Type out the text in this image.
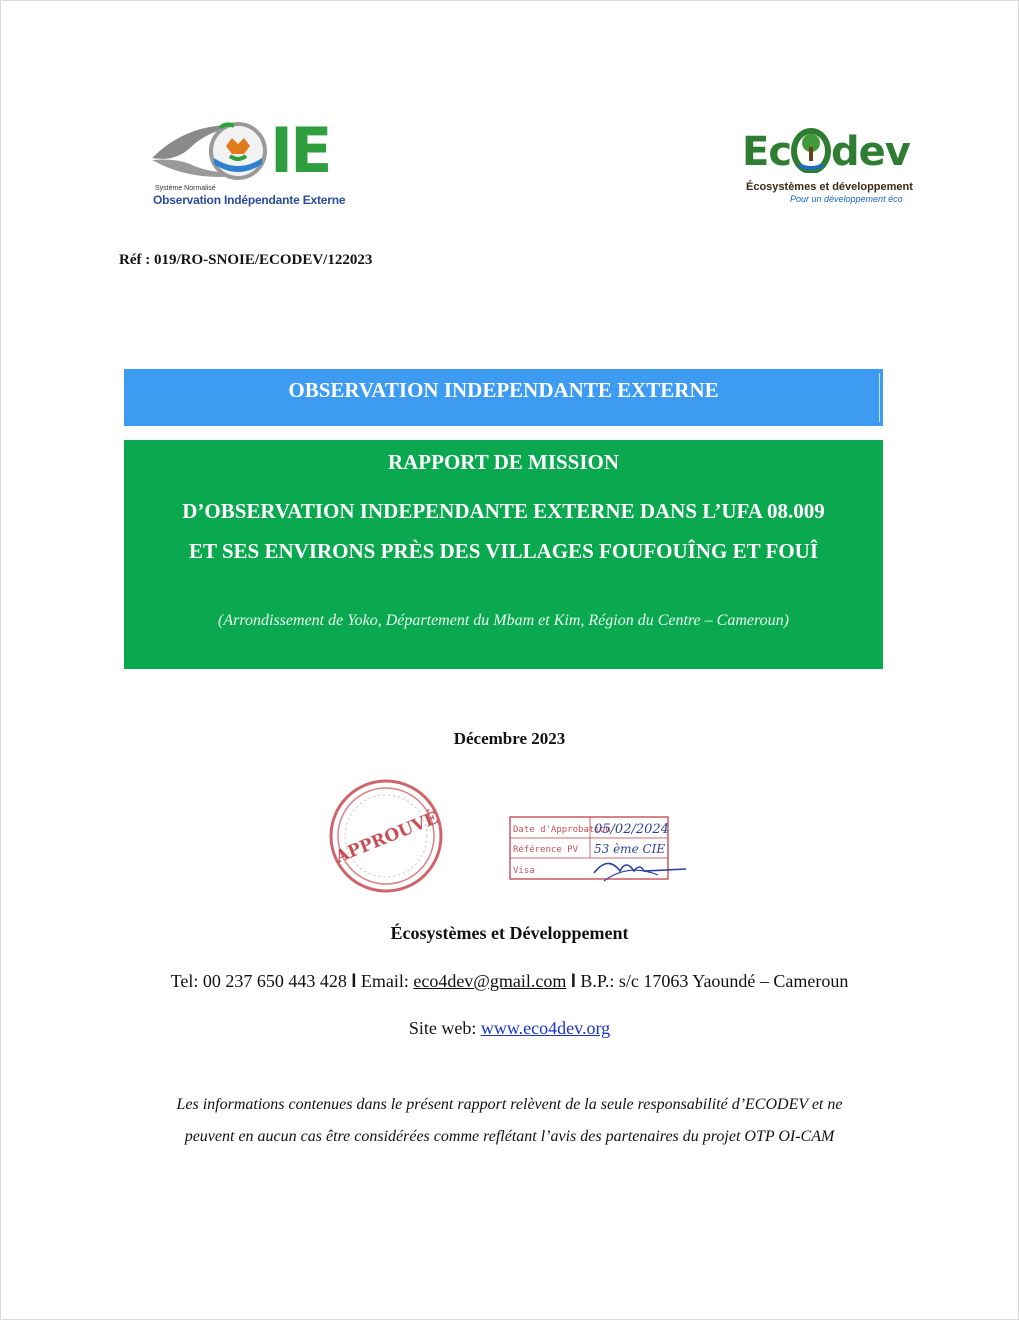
IE
Système Normalisé
Observation Indépendante Externe
Ec dev
Écosystèmes et développement
Pour un développement éco
Réf : 019/RO-SNOIE/ECODEV/122023
OBSERVATION INDEPENDANTE EXTERNE
RAPPORT DE MISSION
D’OBSERVATION INDEPENDANTE EXTERNE DANS L’UFA 08.009
ET SES ENVIRONS PRÈS DES VILLAGES FOUFOUÎNG ET FOUÎ
(Arrondissement de Yoko, Département du Mbam et Kim, Région du Centre – Cameroun)
Décembre 2023
APPROUVÉ	Date d'Approbation
Référence PV
Visa
05/02/2024
53 ème CIE
Écosystèmes et Développement
Tel: 00 237 650 443 428 l Email: eco4dev@gmail.com l B.P.: s/c 17063 Yaoundé – Cameroun
Site web: www.eco4dev.org
Les informations contenues dans le présent rapport relèvent de la seule responsabilité d’ECODEV et ne
peuvent en aucun cas être considérées comme reflétant l’avis des partenaires du projet OTP OI-CAM
